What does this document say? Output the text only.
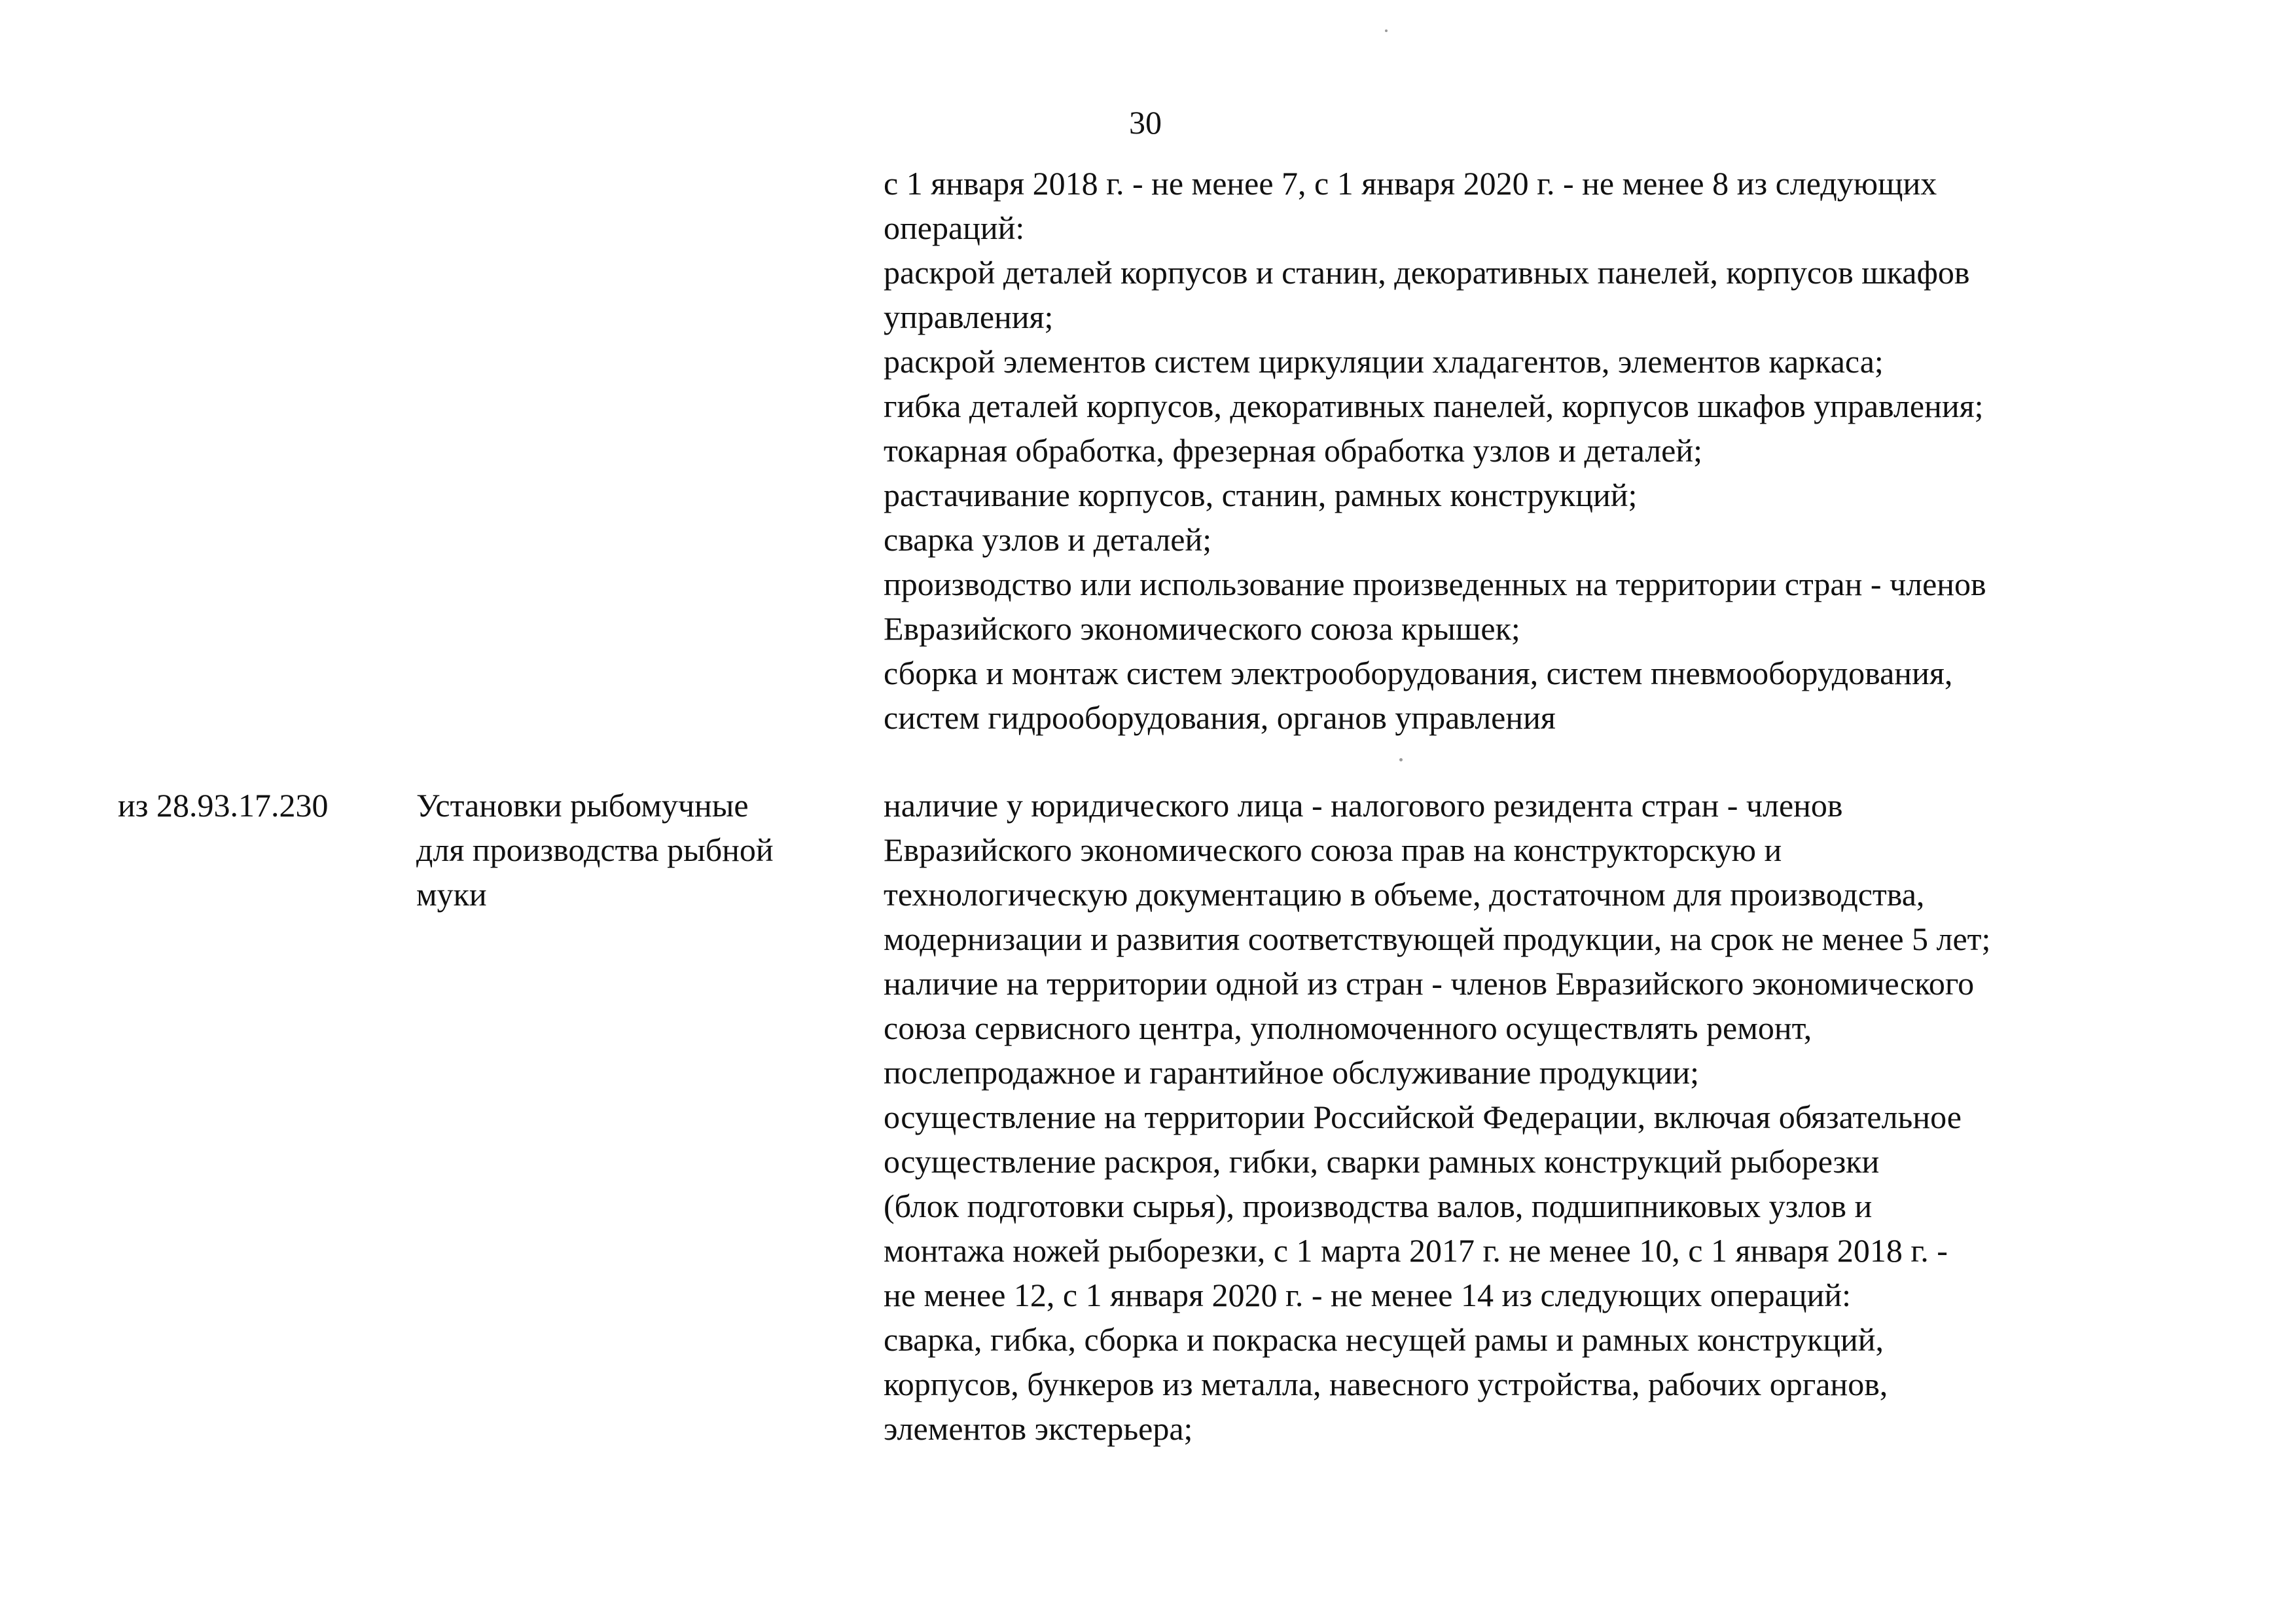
30
с 1 января 2018 г. - не менее 7, с 1 января 2020 г. - не менее 8 из следующих
операций:
раскрой деталей корпусов и станин, декоративных панелей, корпусов шкафов
управления;
раскрой элементов систем циркуляции хладагентов, элементов каркаса;
гибка деталей корпусов, декоративных панелей, корпусов шкафов управления;
токарная обработка, фрезерная обработка узлов и деталей;
растачивание корпусов, станин, рамных конструкций;
сварка узлов и деталей;
производство или использование произведенных на территории стран - членов
Евразийского экономического союза крышек;
сборка и монтаж систем электрооборудования, систем пневмооборудования,
систем гидрооборудования, органов управления
из 28.93.17.230	Установки рыбомучные
для производства рыбной
муки
наличие у юридического лица - налогового резидента стран - членов
Евразийского экономического союза прав на конструкторскую и
технологическую документацию в объеме, достаточном для производства,
модернизации и развития соответствующей продукции, на срок не менее 5 лет;
наличие на территории одной из стран - членов Евразийского экономического
союза сервисного центра, уполномоченного осуществлять ремонт,
послепродажное и гарантийное обслуживание продукции;
осуществление на территории Российской Федерации, включая обязательное
осуществление раскроя, гибки, сварки рамных конструкций рыборезки
(блок подготовки сырья), производства валов, подшипниковых узлов и
монтажа ножей рыборезки, с 1 марта 2017 г. не менее 10, с 1 января 2018 г. -
не менее 12, с 1 января 2020 г. - не менее 14 из следующих операций:
сварка, гибка, сборка и покраска несущей рамы и рамных конструкций,
корпусов, бункеров из металла, навесного устройства, рабочих органов,
элементов экстерьера;
